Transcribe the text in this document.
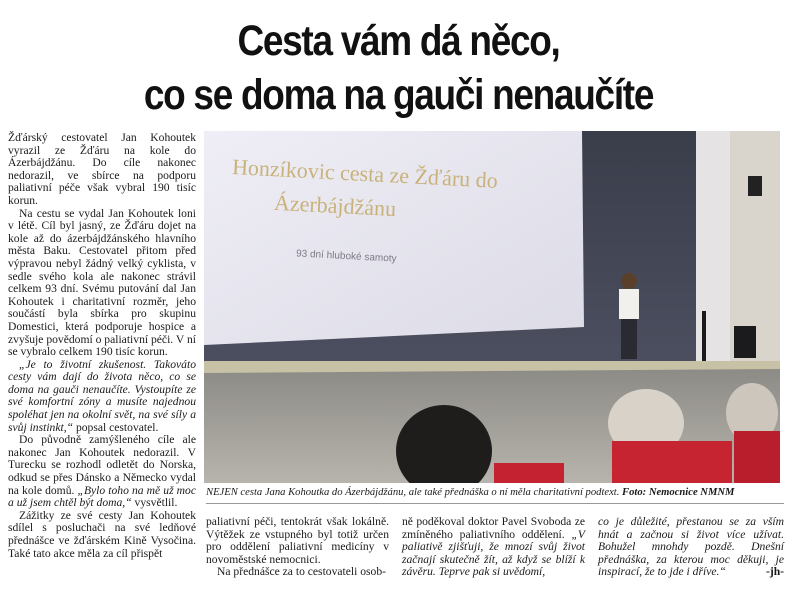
Cesta vám dá něco,
co se doma na gauči nenaučíte

Žďárský cestovatel Jan Kohoutek vyrazil ze Žďáru na kole do Ázerbájdžánu. Do cíle nakonec nedorazil, ve sbírce na podporu paliativní péče však vybral 190 tisíc korun.

Na cestu se vydal Jan Kohoutek loni v létě. Cíl byl jasný, ze Žďáru dojet na kole až do ázerbájdžánského hlavního města Baku. Cestovatel přitom před výpravou nebyl žádný velký cyklista, v sedle svého kola ale nakonec strávil celkem 93 dní. Svému putování dal Jan Kohoutek i charitativní rozměr, jeho součástí byla sbírka pro skupinu Domestici, která podporuje hospice a zvyšuje povědomí o paliativní péči. V ní se vybralo celkem 190 tisíc korun.

„Je to životní zkušenost. Takováto cesty vám dají do života něco, co se doma na gauči nenaučíte. Vystoupíte ze své komfortní zóny a musíte najednou spoléhat jen na okolní svět, na své síly a svůj instinkt,“ popsal cestovatel.

Do původně zamýšleného cíle ale nakonec Jan Kohoutek nedorazil. V Turecku se rozhodl odletět do Norska, odkud se přes Dánsko a Německo vydal na kole domů. „Bylo toho na mě už moc a už jsem chtěl být doma,“ vysvětlil.

Zážitky ze své cesty Jan Kohoutek sdílel s posluchači na své ledňové přednášce ve žďárském Kině Vysočina. Také tato akce měla za cíl přispět

Honzíkovic cesta ze Žďáru do
Ázerbájdžánu
93 dní hluboké samoty
NEJEN cesta Jana Kohoutka do Ázerbájdžánu, ale také přednáška o ní měla charitativní podtext. Foto: Nemocnice NMNM

paliativní péči, tentokrát však lokálně. Výtěžek ze vstupného byl totiž určen pro oddělení paliativní medicíny v novoměstské nemocnici.

Na přednášce za to cestovateli osob-

ně poděkoval doktor Pavel Svoboda ze zmíněného paliativního oddělení. „V paliativě zjišťuji, že mnozí svůj život začnají skutečně žít, až když se blíží k závěru. Teprve pak si uvědomí,

co je důležité, přestanou se za vším hnát a začnou si život více užívat. Bohužel mnohdy pozdě. Dnešní přednáška, za kterou moc děkuji, je inspirací, že to jde i dříve.“	-jh-
